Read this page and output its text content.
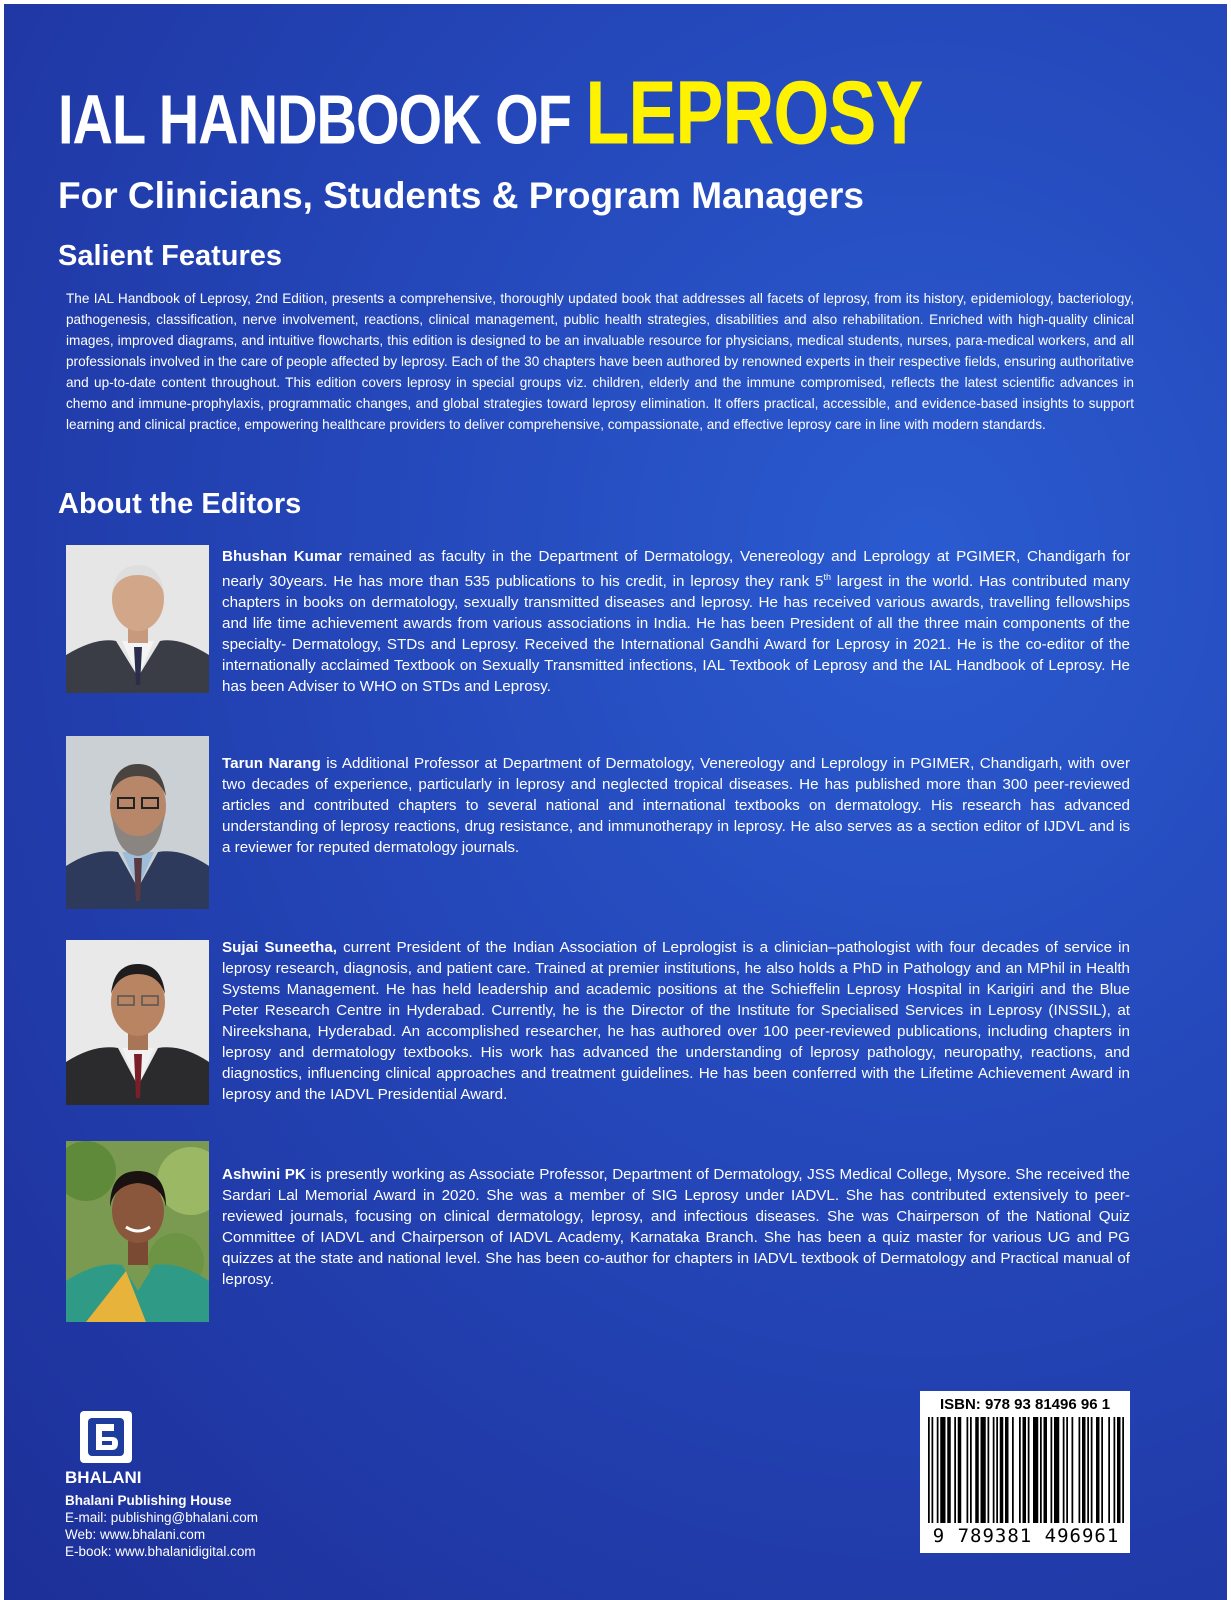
IAL HANDBOOK OF LEPROSY
For Clinicians, Students & Program Managers
Salient Features
The IAL Handbook of Leprosy, 2nd Edition, presents a comprehensive, thoroughly updated book that addresses all facets of leprosy, from its history, epidemiology, bacteriology, pathogenesis, classification, nerve involvement, reactions, clinical management, public health strategies, disabilities and also rehabilitation. Enriched with high-quality clinical images, improved diagrams, and intuitive flowcharts, this edition is designed to be an invaluable resource for physicians, medical students, nurses, para-medical workers, and all professionals involved in the care of people affected by leprosy. Each of the 30 chapters have been authored by renowned experts in their respective fields, ensuring authoritative and up-to-date content throughout. This edition covers leprosy in special groups viz. children, elderly and the immune compromised, reflects the latest scientific advances in chemo and immune-prophylaxis, programmatic changes, and global strategies toward leprosy elimination. It offers practical, accessible, and evidence-based insights to support learning and clinical practice, empowering healthcare providers to deliver comprehensive, compassionate, and effective leprosy care in line with modern standards.
About the Editors
Bhushan Kumar remained as faculty in the Department of Dermatology, Venereology and Leprology at PGIMER, Chandigarh for nearly 30years. He has more than 535 publications to his credit, in leprosy they rank 5th largest in the world. Has contributed many chapters in books on dermatology, sexually transmitted diseases and leprosy. He has received various awards, travelling fellowships and life time achievement awards from various associations in India. He has been President of all the three main components of the specialty- Dermatology, STDs and Leprosy. Received the International Gandhi Award for Leprosy in 2021. He is the co-editor of the internationally acclaimed Textbook on Sexually Transmitted infections, IAL Textbook of Leprosy and the IAL Handbook of Leprosy. He has been Adviser to WHO on STDs and Leprosy.
Tarun Narang is Additional Professor at Department of Dermatology, Venereology and Leprology in PGIMER, Chandigarh, with over two decades of experience, particularly in leprosy and neglected tropical diseases. He has published more than 300 peer-reviewed articles and contributed chapters to several national and international textbooks on dermatology. His research has advanced understanding of leprosy reactions, drug resistance, and immunotherapy in leprosy. He also serves as a section editor of IJDVL and is a reviewer for reputed dermatology journals.
Sujai Suneetha, current President of the Indian Association of Leprologist is a clinician–pathologist with four decades of service in leprosy research, diagnosis, and patient care. Trained at premier institutions, he also holds a PhD in Pathology and an MPhil in Health Systems Management. He has held leadership and academic positions at the Schieffelin Leprosy Hospital in Karigiri and the Blue Peter Research Centre in Hyderabad. Currently, he is the Director of the Institute for Specialised Services in Leprosy (INSSIL), at Nireekshana, Hyderabad. An accomplished researcher, he has authored over 100 peer-reviewed publications, including chapters in leprosy and dermatology textbooks. His work has advanced the understanding of leprosy pathology, neuropathy, reactions, and diagnostics, influencing clinical approaches and treatment guidelines. He has been conferred with the Lifetime Achievement Award in leprosy and the IADVL Presidential Award.
Ashwini PK is presently working as Associate Professor, Department of Dermatology, JSS Medical College, Mysore. She received the Sardari Lal Memorial Award in 2020. She was a member of SIG Leprosy under IADVL. She has contributed extensively to peer-reviewed journals, focusing on clinical dermatology, leprosy, and infectious diseases. She was Chairperson of the National Quiz Committee of IADVL and Chairperson of IADVL Academy, Karnataka Branch. She has been a quiz master for various UG and PG quizzes at the state and national level. She has been co-author for chapters in IADVL textbook of Dermatology and Practical manual of leprosy.
BHALANI
Bhalani Publishing House
E-mail: publishing@bhalani.com
Web: www.bhalani.com
E-book: www.bhalanidigital.com
ISBN: 978 93 81496 96 1
9 789381 496961
